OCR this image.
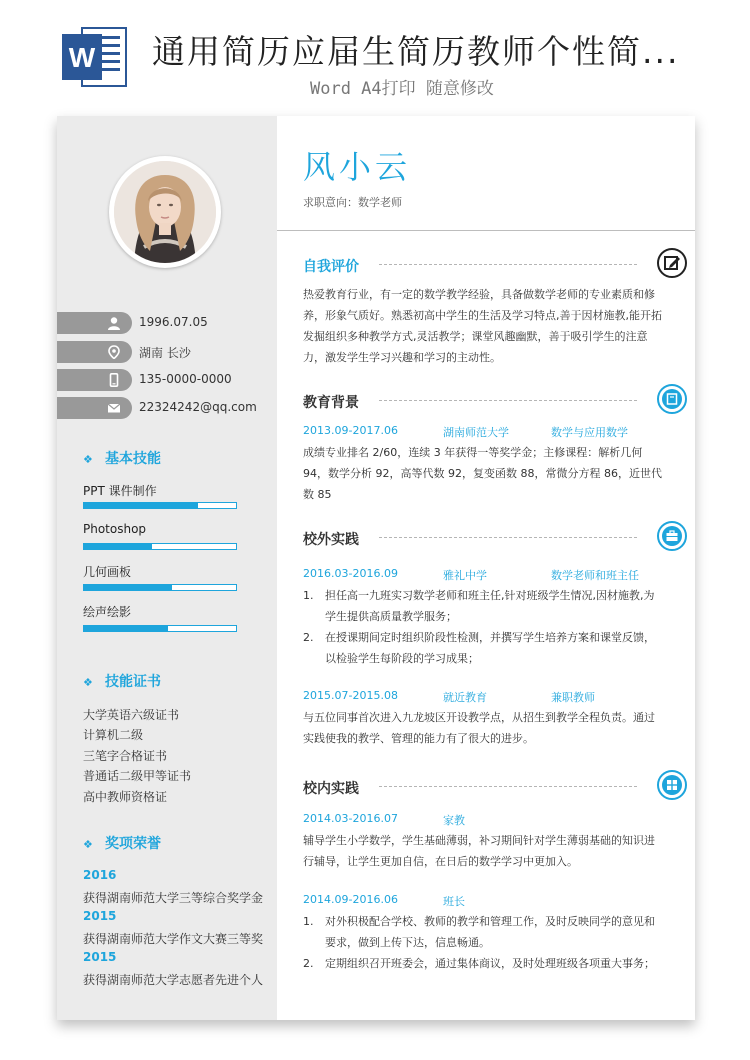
W 通用简历应届生简历教师个性简...
Word A4打印 随意修改
1996.07.05
湖南 长沙
135-0000-0000
22324242@qq.com
❖ 基本技能
PPT 课件制作
Photoshop
几何画板
绘声绘影
❖ 技能证书
大学英语六级证书
计算机二级
三笔字合格证书
普通话二级甲等证书
高中教师资格证
❖ 奖项荣誉
2016
获得湖南师范大学三等综合奖学金
2015
获得湖南师范大学作文大赛三等奖
2015
获得湖南师范大学志愿者先进个人
风小云
求职意向：数学老师
自我评价
热爱教育行业，有一定的数学教学经验，具备做数学老师的专业素质和修养，形象气质好。熟悉初高中学生的生活及学习特点,善于因材施教,能开拓发掘组织多种教学方式,灵活教学；课堂风趣幽默，善于吸引学生的注意力，激发学生学习兴趣和学习的主动性。
教育背景
2013.09-2017.06	湖南师范大学	数学与应用数学
成绩专业排名 2/60，连续 3 年获得一等奖学金；主修课程：解析几何 94，数学分析 92，高等代数 92，复变函数 88，常微分方程 86，近世代数 85
校外实践
2016.03-2016.09	雅礼中学	数学老师和班主任
1. 担任高一九班实习数学老师和班主任,针对班级学生情况,因材施教,为学生提供高质量教学服务；
2. 在授课期间定时组织阶段性检测，并撰写学生培养方案和课堂反馈，以检验学生每阶段的学习成果；
2015.07-2015.08	就近教育	兼职教师
与五位同事首次进入九龙坡区开设教学点，从招生到教学全程负责。通过实践使我的教学、管理的能力有了很大的进步。
校内实践
2014.03-2016.07	家教
辅导学生小学数学，学生基础薄弱，补习期间针对学生薄弱基础的知识进行辅导，让学生更加自信，在日后的数学学习中更加入。
2014.09-2016.06	班长
1. 对外积极配合学校、教师的教学和管理工作，及时反映同学的意见和要求，做到上传下达，信息畅通。
2. 定期组织召开班委会，通过集体商议，及时处理班级各项重大事务；
